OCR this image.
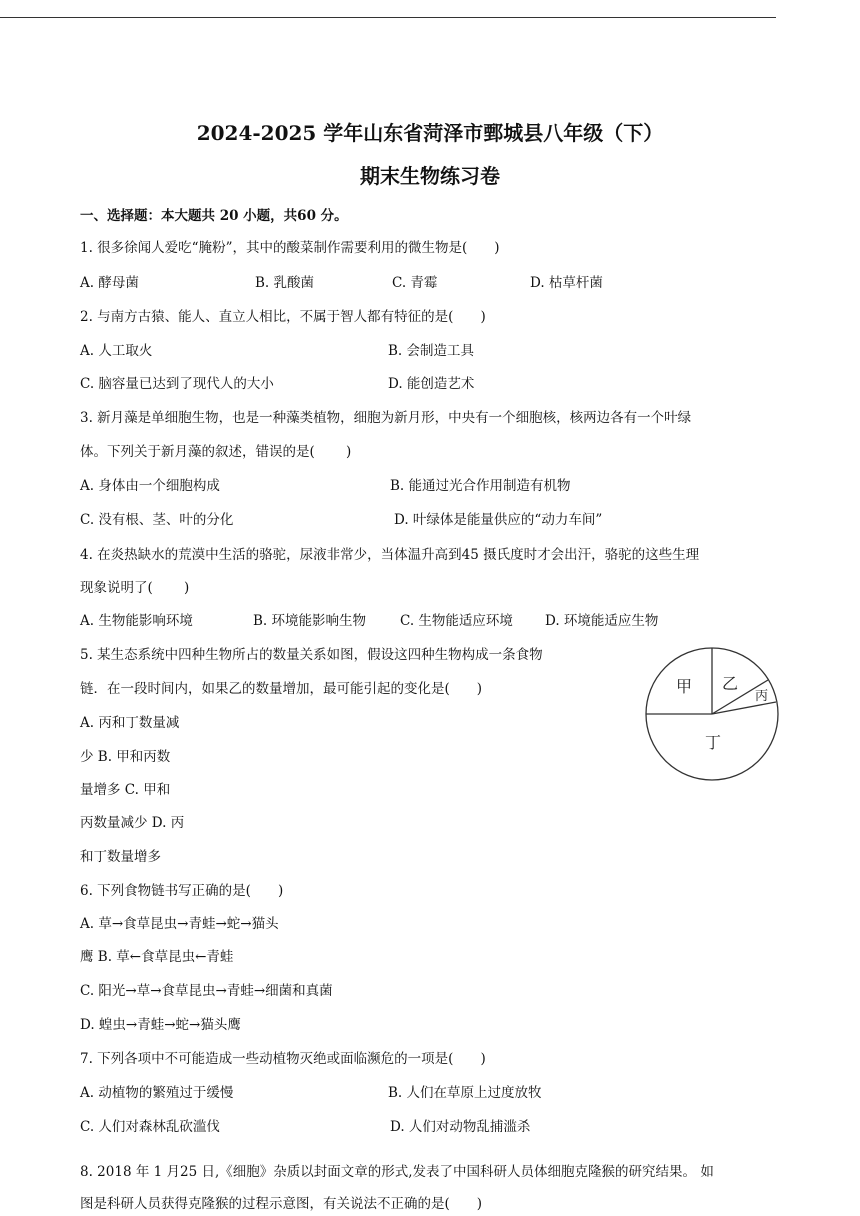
2024-2025 学年山东省菏泽市鄄城县八年级（下）
期末生物练习卷
一、选择题：本大题共 20 小题，共60 分。
1. 很多徐闻人爱吃“腌粉”，其中的酸菜制作需要利用的微生物是(　　)
A. 酵母菌	B. 乳酸菌	C. 青霉	D. 枯草杆菌
2. 与南方古猿、能人、直立人相比，不属于智人都有特征的是(　　)
A. 人工取火	B. 会制造工具
C. 脑容量已达到了现代人的大小	D. 能创造艺术
3. 新月藻是单细胞生物，也是一种藻类植物，细胞为新月形，中央有一个细胞核，核两边各有一个叶绿
体。下列关于新月藻的叙述，错误的是(　　 )
A. 身体由一个细胞构成	B. 能通过光合作用制造有机物
C. 没有根、茎、叶的分化	D. 叶绿体是能量供应的“动力车间”
4. 在炎热缺水的荒漠中生活的骆驼，尿液非常少，当体温升高到45 摄氏度时才会出汗，骆驼的这些生理
现象说明了(　　 )
A. 生物能影响环境	B. 环境能影响生物	C. 生物能适应环境 D. 环境能适应生物
5. 某生态系统中四种生物所占的数量关系如图，假设这四种生物构成一条食物
链．在一段时间内，如果乙的数量增加，最可能引起的变化是(　　)
A. 丙和丁数量减
少 B. 甲和丙数
量增多 C. 甲和
丙数量减少 D. 丙
和丁数量增多
甲 乙
丙
丁
6. 下列食物链书写正确的是(　　)
A. 草→食草昆虫→青蛙→蛇→猫头
鹰 B. 草←食草昆虫←青蛙
C. 阳光→草→食草昆虫→青蛙→细菌和真菌
D. 蝗虫→青蛙→蛇→猫头鹰
7. 下列各项中不可能造成一些动植物灭绝或面临濒危的一项是(　　)
A. 动植物的繁殖过于缓慢	B. 人们在草原上过度放牧
C. 人们对森林乱砍滥伐	D. 人们对动物乱捕滥杀
8. 2018 年 1 月25 日,《细胞》杂质以封面文章的形式,发表了中国科研人员体细胞克隆猴的研究结果。 如
图是科研人员获得克隆猴的过程示意图，有关说法不正确的是(　　)
